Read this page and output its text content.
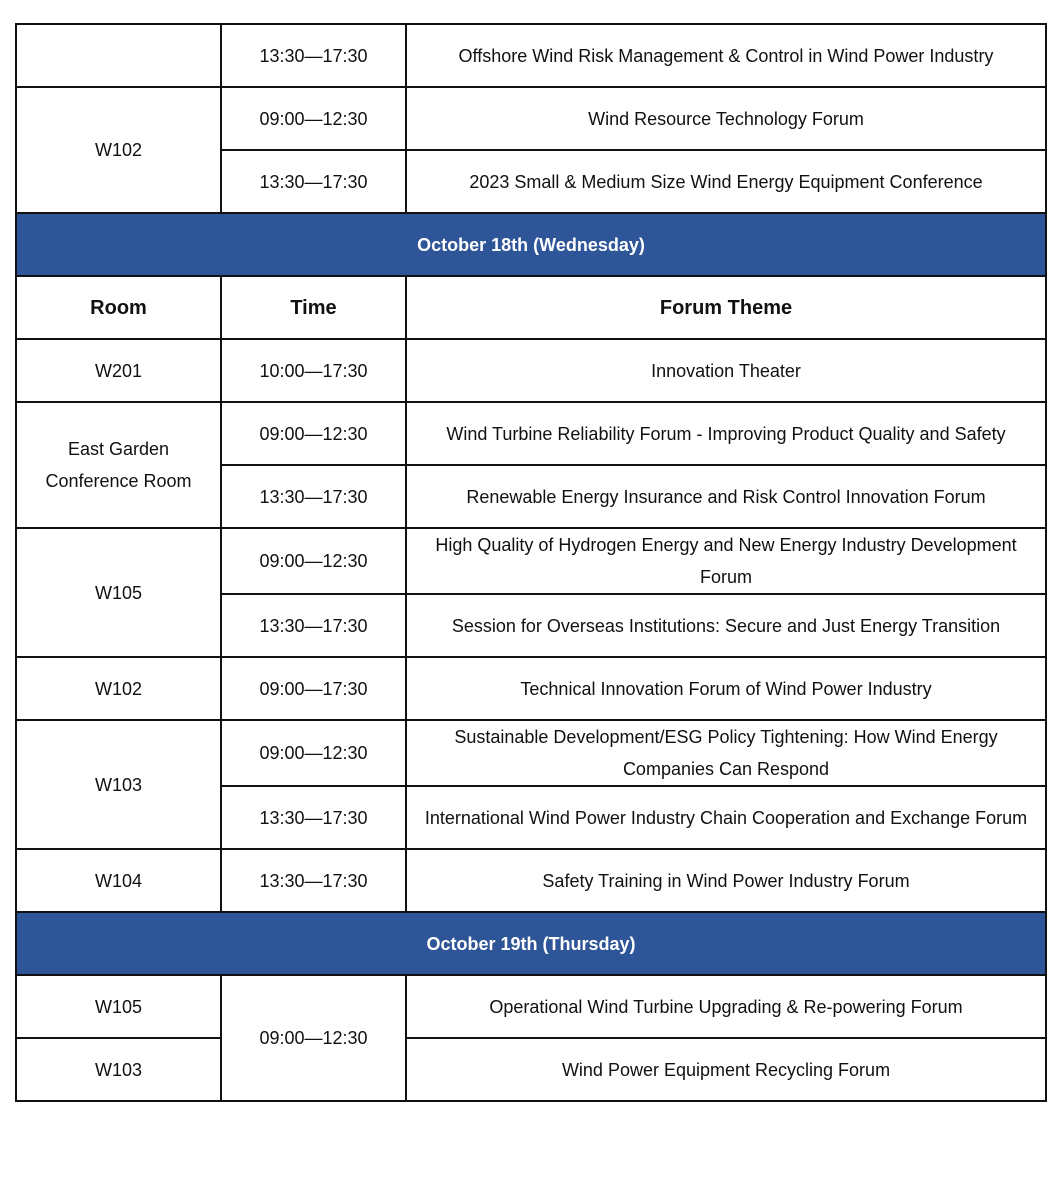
	13:30—17:30	Offshore Wind Risk Management & Control in Wind Power Industry
W102	09:00—12:30	Wind Resource Technology Forum
	13:30—17:30	2023 Small & Medium Size Wind Energy Equipment Conference
October 18th (Wednesday)		
Room	Time	Forum Theme
W201	10:00—17:30	Innovation Theater
East Garden Conference Room	09:00—12:30	Wind Turbine Reliability Forum - Improving Product Quality and Safety
	13:30—17:30	Renewable Energy Insurance and Risk Control Innovation Forum
W105	09:00—12:30	High Quality of Hydrogen Energy and New Energy Industry Development Forum
	13:30—17:30	Session for Overseas Institutions: Secure and Just Energy Transition
W102	09:00—17:30	Technical Innovation Forum of Wind Power Industry
W103	09:00—12:30	Sustainable Development/ESG Policy Tightening: How Wind Energy Companies Can Respond
	13:30—17:30	International Wind Power Industry Chain Cooperation and Exchange Forum
W104	13:30—17:30	Safety Training in Wind Power Industry Forum
October 19th (Thursday)		
W105	09:00—12:30	Operational Wind Turbine Upgrading & Re-powering Forum
W103		Wind Power Equipment Recycling Forum
